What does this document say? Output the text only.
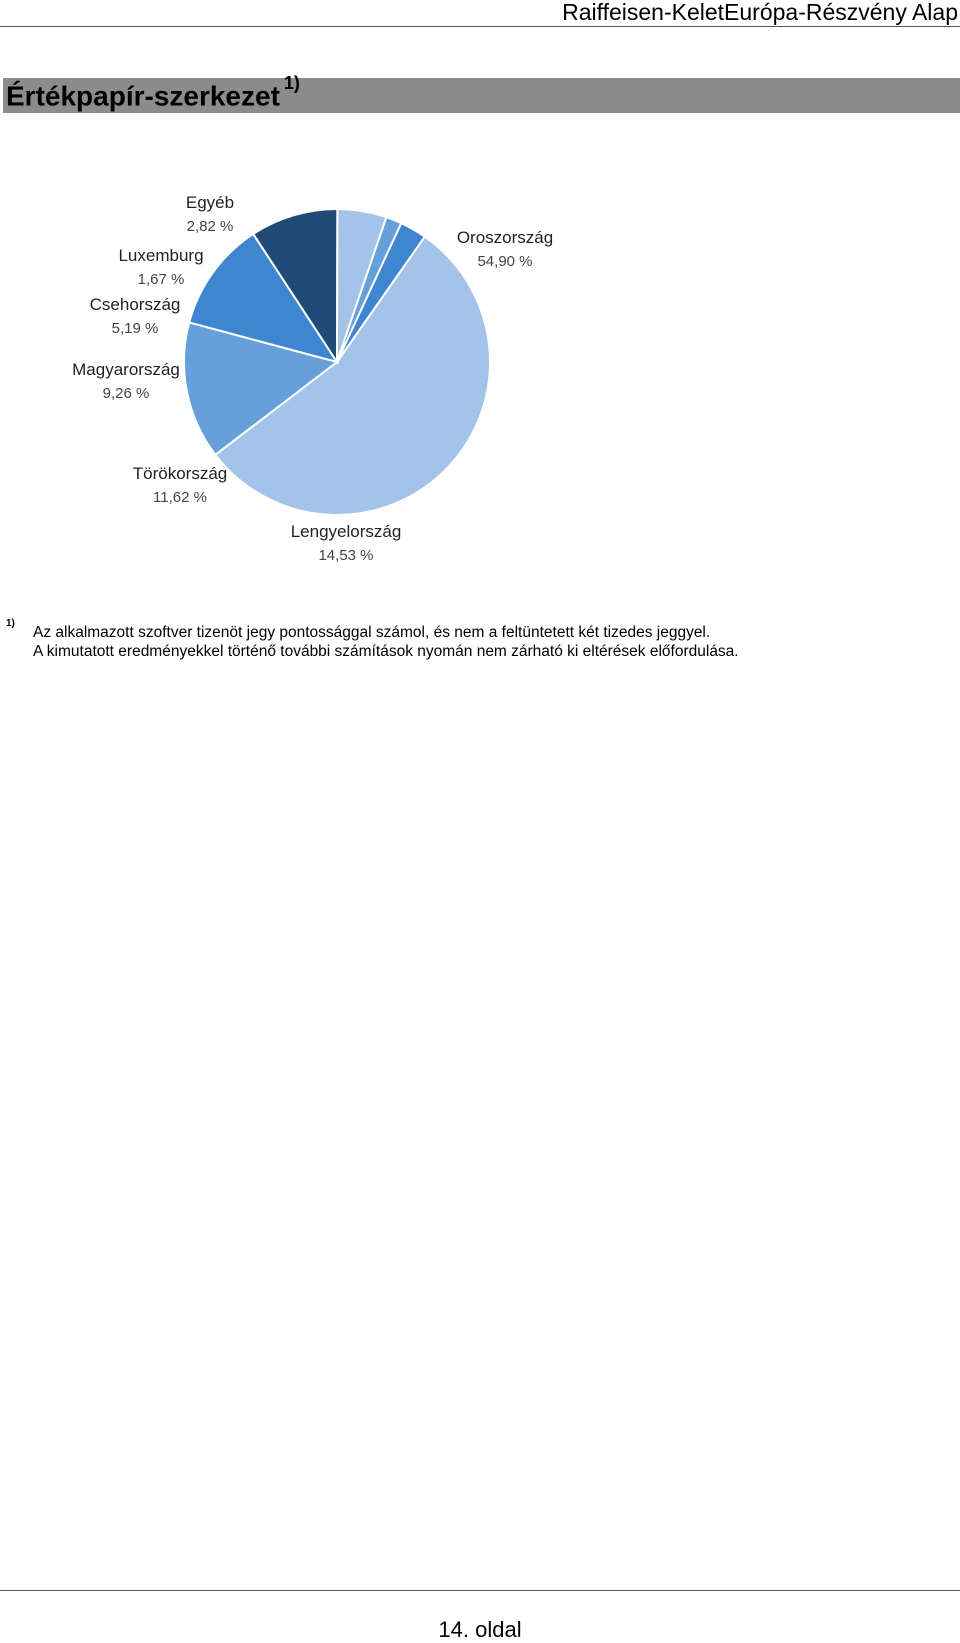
Raiffeisen-KeletEurópa-Részvény Alap
Értékpapír-szerkezet $^{1)}$
Oroszország
54,90 %
Lengyelország
14,53 %
Törökország
11,62 %
Magyarország
9,26 %
Csehország
5,19 %
Luxemburg
1,67 %
Egyéb
2,82 %
1)
Az alkalmazott szoftver tizenöt jegy pontossággal számol, és nem a feltüntetett két tizedes jeggyel.
A kimutatott eredményekkel történő további számítások nyomán nem zárható ki eltérések előfordulása.
14. oldal
